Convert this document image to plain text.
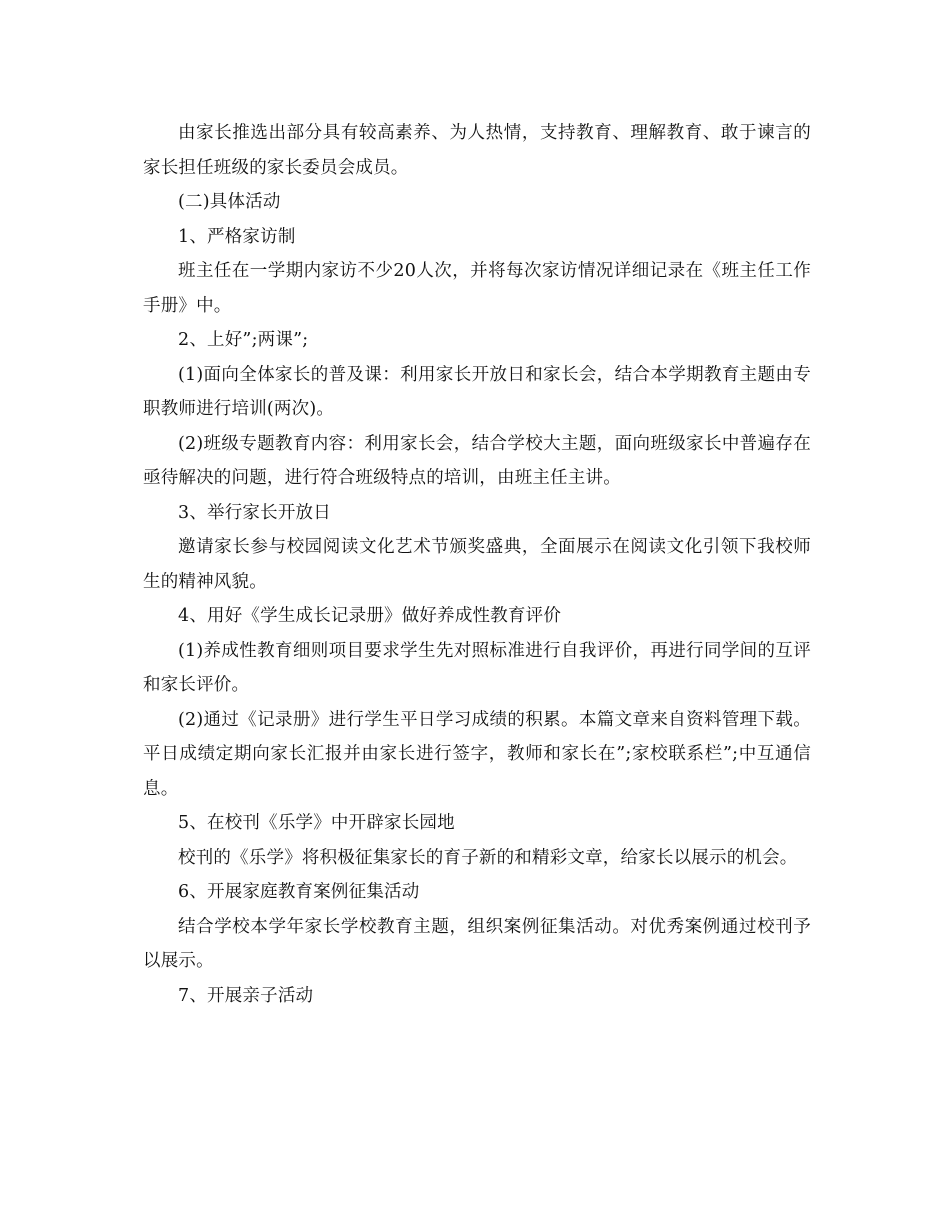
由家长推选出部分具有较高素养、为人热情，支持教育、理解教育、敢于谏言的家长担任班级的家长委员会成员。

(二)具体活动

1、严格家访制

班主任在一学期内家访不少20人次，并将每次家访情况详细记录在《班主任工作手册》中。

2、上好”;两课”;

(1)面向全体家长的普及课：利用家长开放日和家长会，结合本学期教育主题由专职教师进行培训(两次)。

(2)班级专题教育内容：利用家长会，结合学校大主题，面向班级家长中普遍存在亟待解决的问题，进行符合班级特点的培训，由班主任主讲。

3、举行家长开放日

邀请家长参与校园阅读文化艺术节颁奖盛典，全面展示在阅读文化引领下我校师生的精神风貌。

4、用好《学生成长记录册》做好养成性教育评价

(1)养成性教育细则项目要求学生先对照标准进行自我评价，再进行同学间的互评和家长评价。

(2)通过《记录册》进行学生平日学习成绩的积累。本篇文章来自资料管理下载。平日成绩定期向家长汇报并由家长进行签字，教师和家长在”;家校联系栏”;中互通信息。

5、在校刊《乐学》中开辟家长园地

校刊的《乐学》将积极征集家长的育子新的和精彩文章，给家长以展示的机会。

6、开展家庭教育案例征集活动

结合学校本学年家长学校教育主题，组织案例征集活动。对优秀案例通过校刊予以展示。

7、开展亲子活动
